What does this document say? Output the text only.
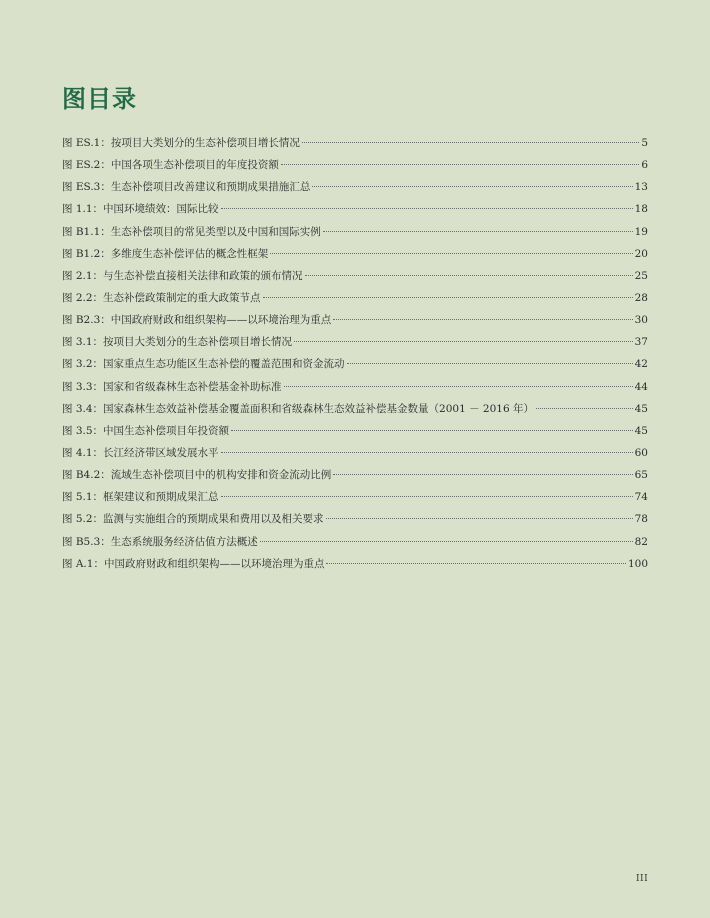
图目录
图 ES.1：按项目大类划分的生态补偿项目增长情况	5
图 ES.2：中国各项生态补偿项目的年度投资额	6
图 ES.3：生态补偿项目改善建议和预期成果措施汇总	13
图 1.1：中国环境绩效：国际比较	18
图 B1.1：生态补偿项目的常见类型以及中国和国际实例	19
图 B1.2：多维度生态补偿评估的概念性框架	20
图 2.1：与生态补偿直接相关法律和政策的颁布情况	25
图 2.2：生态补偿政策制定的重大政策节点	28
图 B2.3：中国政府财政和组织架构——以环境治理为重点	30
图 3.1：按项目大类划分的生态补偿项目增长情况	37
图 3.2：国家重点生态功能区生态补偿的覆盖范围和资金流动	42
图 3.3：国家和省级森林生态补偿基金补助标准	44
图 3.4：国家森林生态效益补偿基金覆盖面积和省级森林生态效益补偿基金数量（2001 － 2016 年）	45
图 3.5：中国生态补偿项目年投资额	45
图 4.1：长江经济带区域发展水平	60
图 B4.2：流域生态补偿项目中的机构安排和资金流动比例	65
图 5.1：框架建议和预期成果汇总	74
图 5.2：监测与实施组合的预期成果和费用以及相关要求	78
图 B5.3：生态系统服务经济估值方法概述	82
图 A.1：中国政府财政和组织架构——以环境治理为重点	100
III
